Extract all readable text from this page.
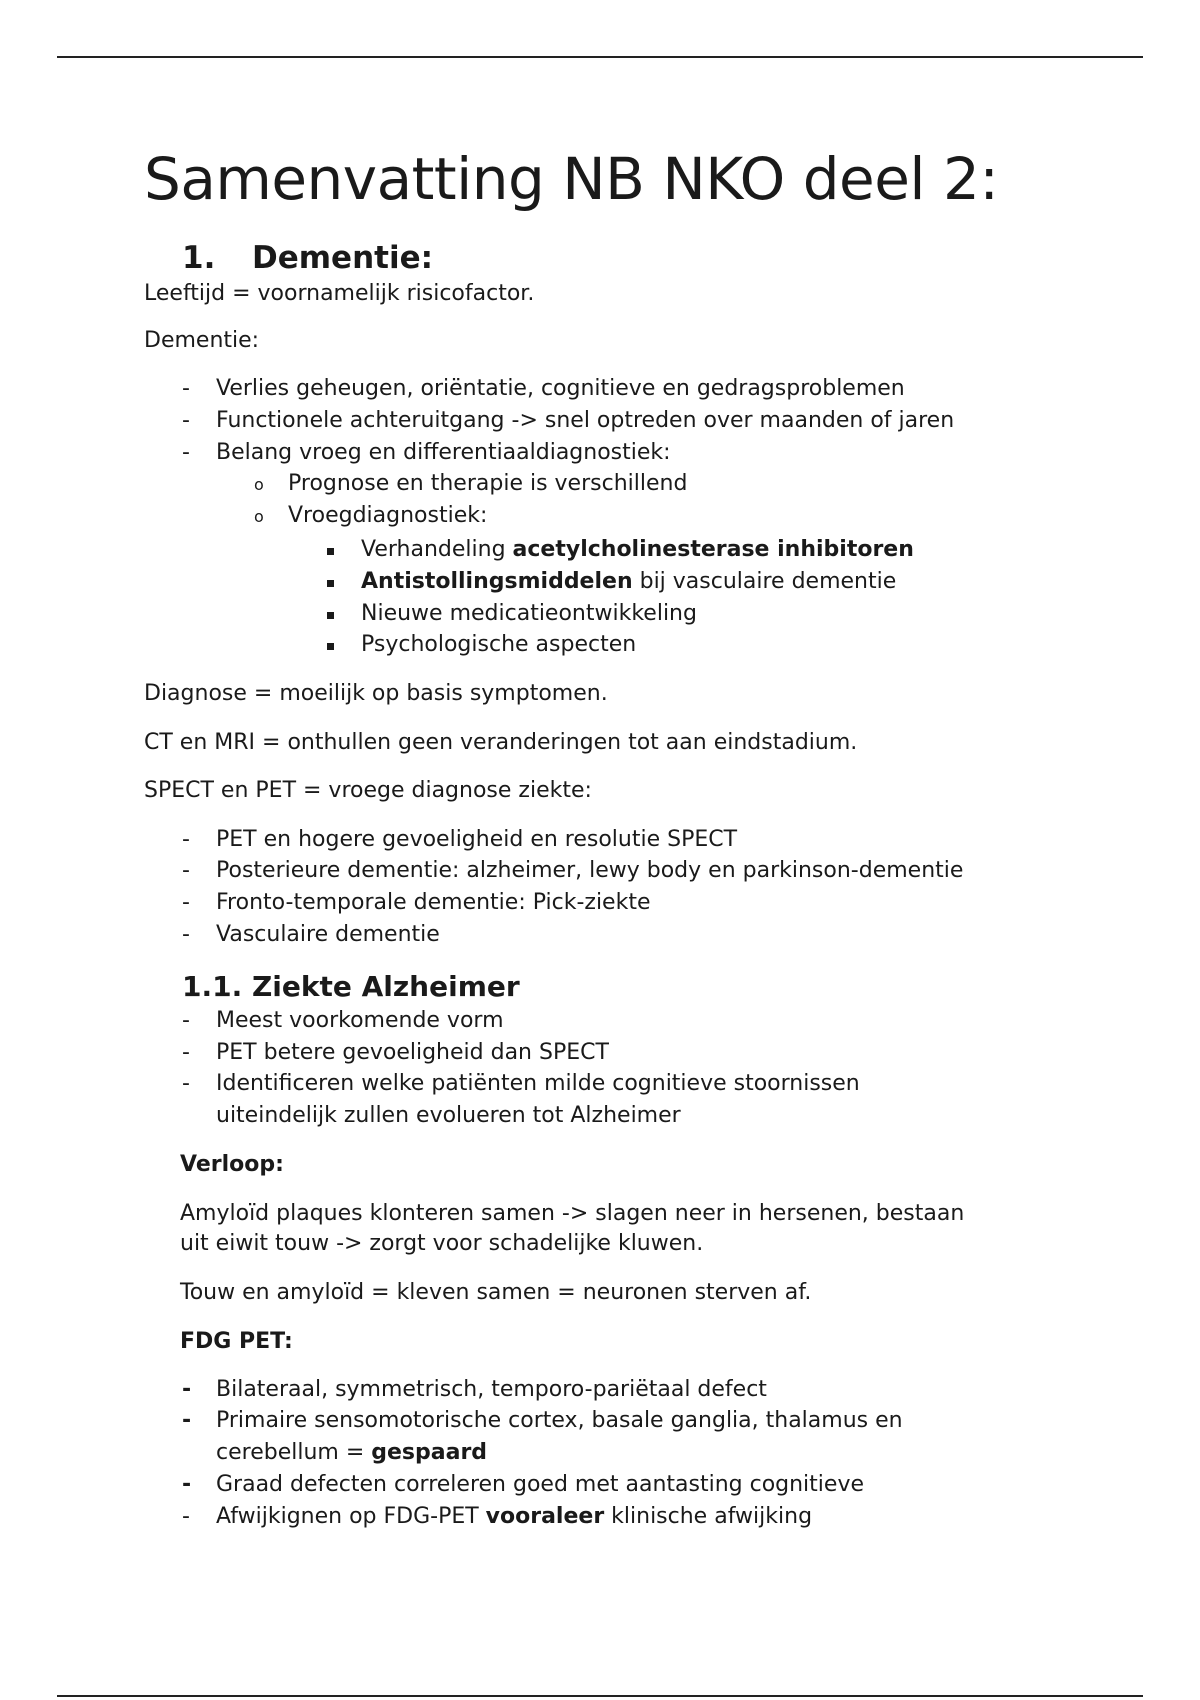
Samenvatting NB NKO deel 2:
1. Dementie:
Leeftijd = voornamelijk risicofactor.
Dementie:
- Verlies geheugen, oriëntatie, cognitieve en gedragsproblemen
- Functionele achteruitgang -> snel optreden over maanden of jaren
- Belang vroeg en differentiaaldiagnostiek:
o Prognose en therapie is verschillend
o Vroegdiagnostiek:
Verhandeling acetylcholinesterase inhibitoren
Antistollingsmiddelen bij vasculaire dementie
Nieuwe medicatieontwikkeling
Psychologische aspecten
Diagnose = moeilijk op basis symptomen.
CT en MRI = onthullen geen veranderingen tot aan eindstadium.
SPECT en PET = vroege diagnose ziekte:
- PET en hogere gevoeligheid en resolutie SPECT
- Posterieure dementie: alzheimer, lewy body en parkinson-dementie
- Fronto-temporale dementie: Pick-ziekte
- Vasculaire dementie
1.1. Ziekte Alzheimer
- Meest voorkomende vorm
- PET betere gevoeligheid dan SPECT
- Identificeren welke patiënten milde cognitieve stoornissen
uiteindelijk zullen evolueren tot Alzheimer
Verloop:
Amyloïd plaques klonteren samen -> slagen neer in hersenen, bestaan
uit eiwit touw -> zorgt voor schadelijke kluwen.
Touw en amyloïd = kleven samen = neuronen sterven af.
FDG PET:
- Bilateraal, symmetrisch, temporo-pariëtaal defect
- Primaire sensomotorische cortex, basale ganglia, thalamus en
cerebellum = gespaard
- Graad defecten correleren goed met aantasting cognitieve
- Afwijkignen op FDG-PET vooraleer klinische afwijking
